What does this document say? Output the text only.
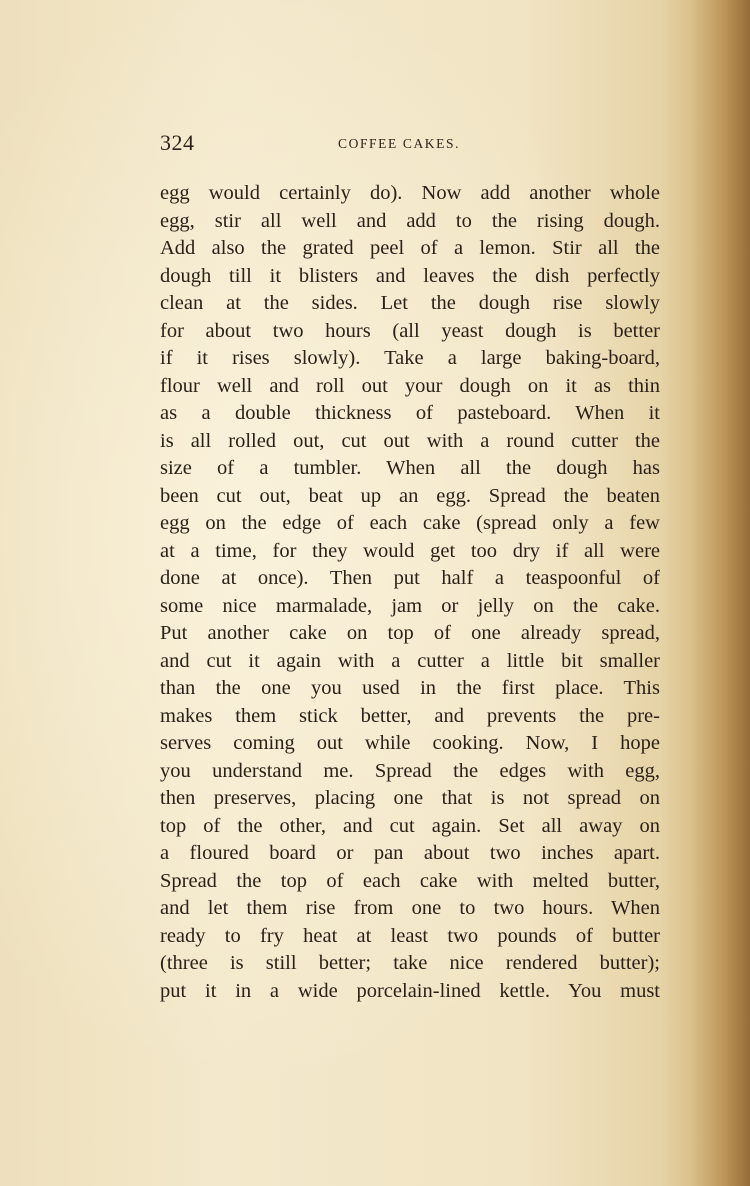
324	COFFEE CAKES.
egg would certainly do). Now add another whole
egg, stir all well and add to the rising dough.
Add also the grated peel of a lemon. Stir all the
dough till it blisters and leaves the dish perfectly
clean at the sides. Let the dough rise slowly
for about two hours (all yeast dough is better
if it rises slowly). Take a large baking-board,
flour well and roll out your dough on it as thin
as a double thickness of pasteboard. When it
is all rolled out, cut out with a round cutter the
size of a tumbler. When all the dough has
been cut out, beat up an egg. Spread the beaten
egg on the edge of each cake (spread only a few
at a time, for they would get too dry if all were
done at once). Then put half a teaspoonful of
some nice marmalade, jam or jelly on the cake.
Put another cake on top of one already spread,
and cut it again with a cutter a little bit smaller
than the one you used in the first place. This
makes them stick better, and prevents the pre-
serves coming out while cooking. Now, I hope
you understand me. Spread the edges with egg,
then preserves, placing one that is not spread on
top of the other, and cut again. Set all away on
a floured board or pan about two inches apart.
Spread the top of each cake with melted butter,
and let them rise from one to two hours. When
ready to fry heat at least two pounds of butter
(three is still better; take nice rendered butter);
put it in a wide porcelain-lined kettle. You must
